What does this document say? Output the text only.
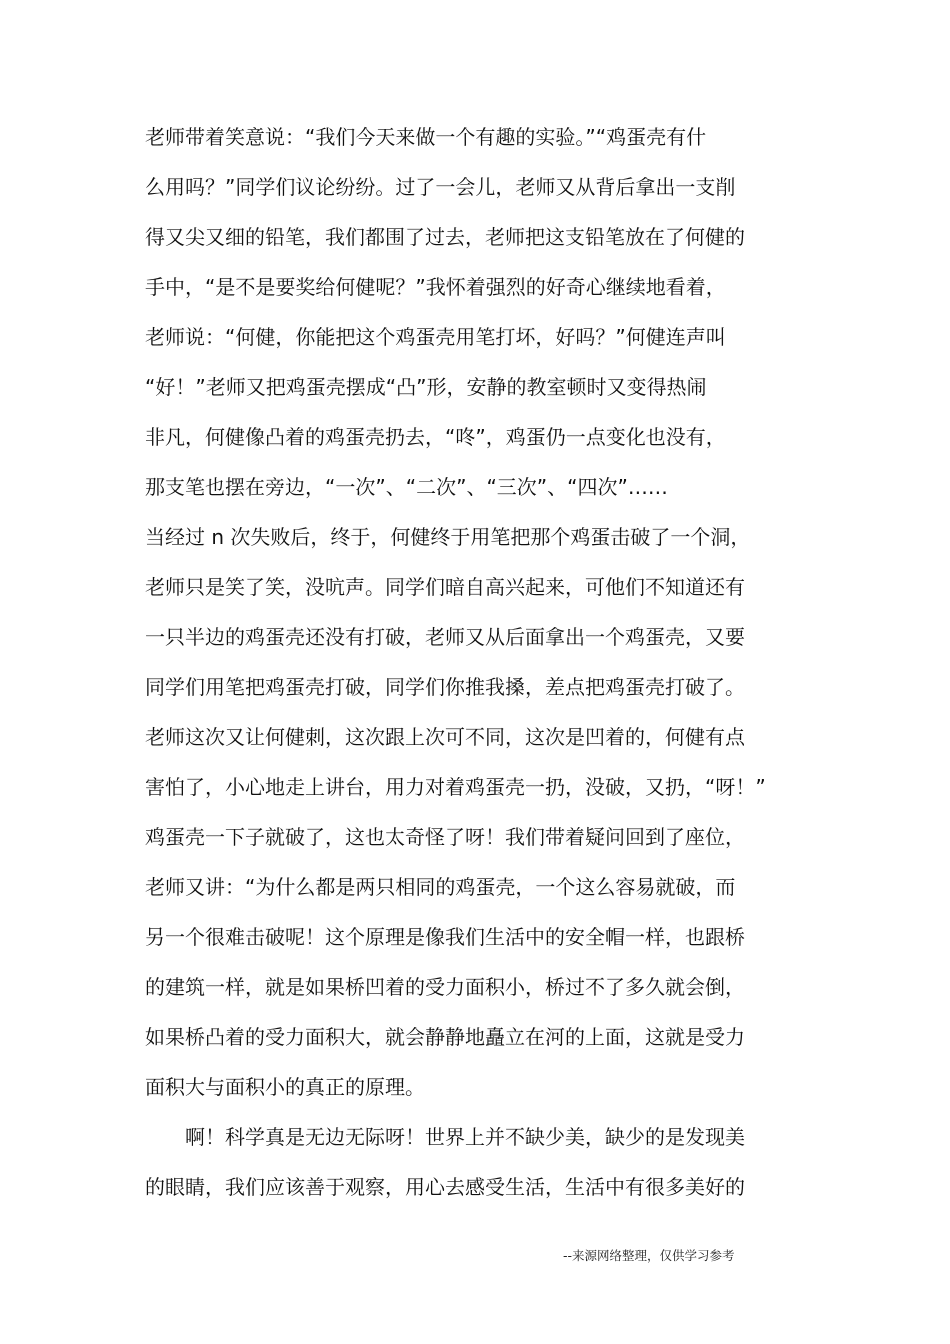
老师带着笑意说：“我们今天来做一个有趣的实验。”“鸡蛋壳有什
么用吗？”同学们议论纷纷。过了一会儿，老师又从背后拿出一支削
得又尖又细的铅笔，我们都围了过去，老师把这支铅笔放在了何健的
手中，“是不是要奖给何健呢？”我怀着强烈的好奇心继续地看着，
老师说：“何健，你能把这个鸡蛋壳用笔打坏，好吗？”何健连声叫
“好！”老师又把鸡蛋壳摆成“凸”形，安静的教室顿时又变得热闹
非凡，何健像凸着的鸡蛋壳扔去，“咚”，鸡蛋仍一点变化也没有，
那支笔也摆在旁边，“一次”、“二次”、“三次”、“四次”……
当经过 n 次失败后，终于，何健终于用笔把那个鸡蛋击破了一个洞，
老师只是笑了笑，没吭声。同学们暗自高兴起来，可他们不知道还有
一只半边的鸡蛋壳还没有打破，老师又从后面拿出一个鸡蛋壳，又要
同学们用笔把鸡蛋壳打破，同学们你推我搡，差点把鸡蛋壳打破了。
老师这次又让何健刺，这次跟上次可不同，这次是凹着的，何健有点
害怕了，小心地走上讲台，用力对着鸡蛋壳一扔，没破，又扔，“呀！”
鸡蛋壳一下子就破了，这也太奇怪了呀！我们带着疑问回到了座位，
老师又讲：“为什么都是两只相同的鸡蛋壳，一个这么容易就破，而
另一个很难击破呢！这个原理是像我们生活中的安全帽一样，也跟桥
的建筑一样，就是如果桥凹着的受力面积小，桥过不了多久就会倒，
如果桥凸着的受力面积大，就会静静地矗立在河的上面，这就是受力
面积大与面积小的真正的原理。
啊！科学真是无边无际呀！世界上并不缺少美，缺少的是发现美
的眼睛，我们应该善于观察，用心去感受生活，生活中有很多美好的
--来源网络整理，仅供学习参考
